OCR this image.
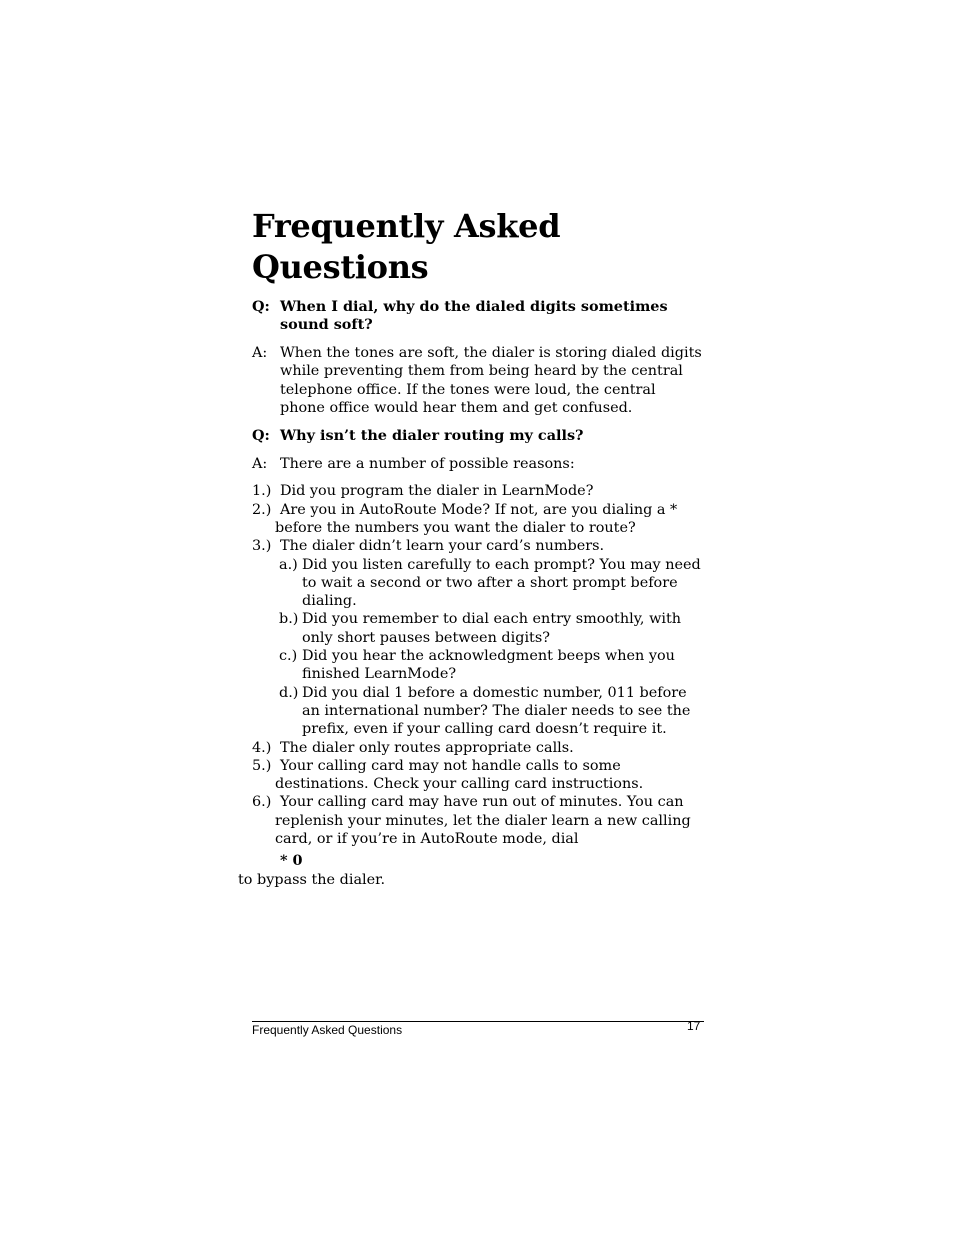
Frequently Asked
Questions
Q: When I dial, why do the dialed digits sometimes sound soft?
A: When the tones are soft, the dialer is storing dialed digits while preventing them from being heard by the central telephone office. If the tones were loud, the central phone office would hear them and get confused.
Q: Why isn’t the dialer routing my calls?
A: There are a number of possible reasons:

1.) Did you program the dialer in LearnMode?

2.) Are you in AutoRoute Mode? If not, are you dialing a * before the numbers you want the dialer to route?

3.) The dialer didn’t learn your card’s numbers.

a.) Did you listen carefully to each prompt? You may need to wait a second or two after a short prompt before dialing.

b.) Did you remember to dial each entry smoothly, with only short pauses between digits?

c.) Did you hear the acknowledgment beeps when you finished LearnMode?

d.) Did you dial 1 before a domestic number, 011 before an international number? The dialer needs to see the prefix, even if your calling card doesn’t require it.

4.) The dialer only routes appropriate calls.

5.) Your calling card may not handle calls to some destinations. Check your calling card instructions.

6.) Your calling card may have run out of minutes. You can replenish your minutes, let the dialer learn a new calling card, or if you’re in AutoRoute mode, dial

* 0

to bypass the dialer.

Frequently Asked Questions	17
